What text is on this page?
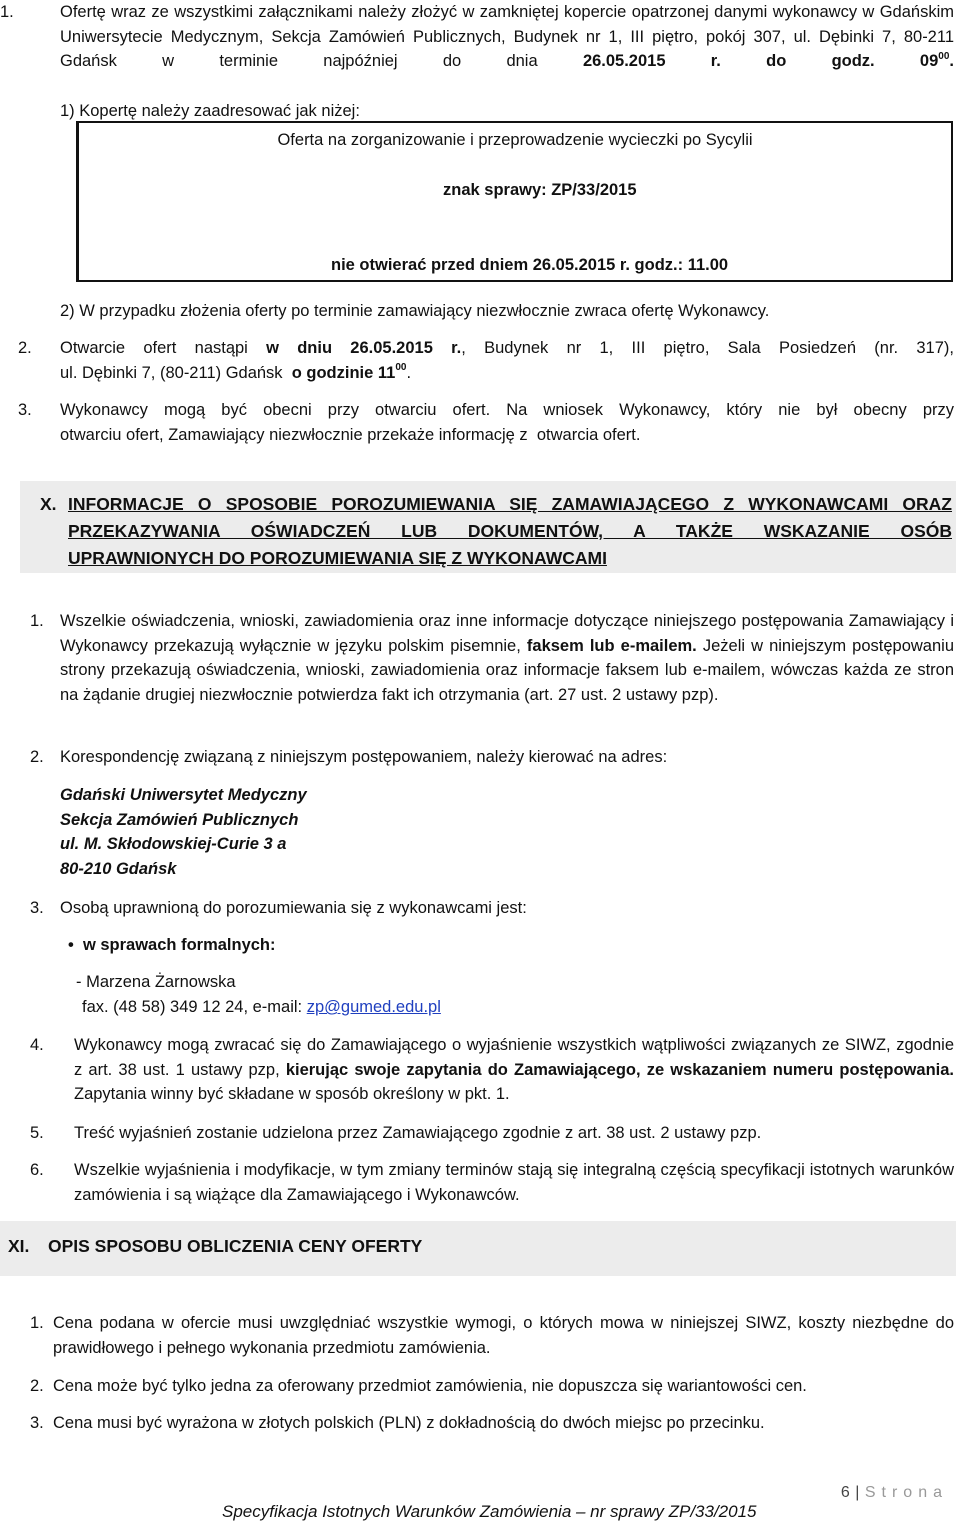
1.	Ofertę wraz ze wszystkimi załącznikami należy złożyć w zamkniętej kopercie opatrzonej danymi wykonawcy w Gdańskim Uniwersytecie Medycznym, Sekcja Zamówień Publicznych, Budynek nr 1, III piętro, pokój 307, ul. Dębinki 7, 80-211 Gdańsk w terminie najpóźniej do dnia	26.05.2015 r. do godz. $09^{00}$.
1) Kopertę należy zaadresować jak niżej:
Oferta na zorganizowanie i przeprowadzenie wycieczki po Sycylii
znak sprawy: ZP/33/2015
nie otwierać przed dniem 26.05.2015 r. godz.: 11.00
2) W przypadku złożenia oferty po terminie zamawiający niezwłocznie zwraca ofertę Wykonawcy.
2. Otwarcie ofert nastąpi w dniu 26.05.2015 r., Budynek nr 1, III piętro, Sala Posiedzeń (nr. 317),
ul. Dębinki 7, (80-211) Gdańsk o godzinie $11^{00}$.
3. Wykonawcy mogą być obecni przy otwarciu ofert. Na wniosek Wykonawcy, który nie był obecny przy
otwarciu ofert, Zamawiający niezwłocznie przekaże informację z  otwarcia ofert.
X. INFORMACJE O SPOSOBIE POROZUMIEWANIA SIĘ ZAMAWIAJĄCEGO Z WYKONAWCAMI ORAZ
PRZEKAZYWANIA OŚWIADCZEŃ LUB DOKUMENTÓW, A TAKŻE WSKAZANIE OSÓB
UPRAWNIONYCH DO POROZUMIEWANIA SIĘ Z WYKONAWCAMI
1. Wszelkie oświadczenia, wnioski, zawiadomienia oraz inne informacje dotyczące niniejszego postępowania Zamawiający i Wykonawcy przekazują wyłącznie w języku polskim pisemnie, faksem lub e-mailem. Jeżeli w niniejszym postępowaniu strony przekazują oświadczenia, wnioski, zawiadomienia oraz informacje faksem lub e-mailem, wówczas każda ze stron na żądanie drugiej niezwłocznie potwierdza fakt ich otrzymania (art. 27 ust. 2 ustawy pzp).
2. Korespondencję związaną z niniejszym postępowaniem, należy kierować na adres:
Gdański Uniwersytet Medyczny
Sekcja Zamówień Publicznych
ul. M. Skłodowskiej-Curie 3 a
80-210 Gdańsk
3. Osobą uprawnioną do porozumiewania się z wykonawcami jest:
• w sprawach formalnych:
- Marzena Żarnowska
fax. (48 58) 349 12 24, e-mail: zp@gumed.edu.pl
4. Wykonawcy mogą zwracać się do Zamawiającego o wyjaśnienie wszystkich wątpliwości związanych ze SIWZ, zgodnie z art. 38 ust. 1 ustawy pzp, kierując swoje zapytania do Zamawiającego, ze wskazaniem numeru postępowania. Zapytania winny być składane w sposób określony w pkt. 1.
5. Treść wyjaśnień zostanie udzielona przez Zamawiającego zgodnie z art. 38 ust. 2 ustawy pzp.
6. Wszelkie wyjaśnienia i modyfikacje, w tym zmiany terminów stają się integralną częścią specyfikacji istotnych warunków zamówienia i są wiążące dla Zamawiającego i Wykonawców.
XI. OPIS SPOSOBU OBLICZENIA CENY OFERTY
1. Cena podana w ofercie musi uwzględniać wszystkie wymogi, o których mowa w niniejszej SIWZ, koszty niezbędne do prawidłowego i pełnego wykonania przedmiotu zamówienia.
2. Cena może być tylko jedna za oferowany przedmiot zamówienia, nie dopuszcza się wariantowości cen.
3. Cena musi być wyrażona w złotych polskich (PLN) z dokładnością do dwóch miejsc po przecinku.
6 | Strona
Specyfikacja Istotnych Warunków Zamówienia – nr sprawy ZP/33/2015
